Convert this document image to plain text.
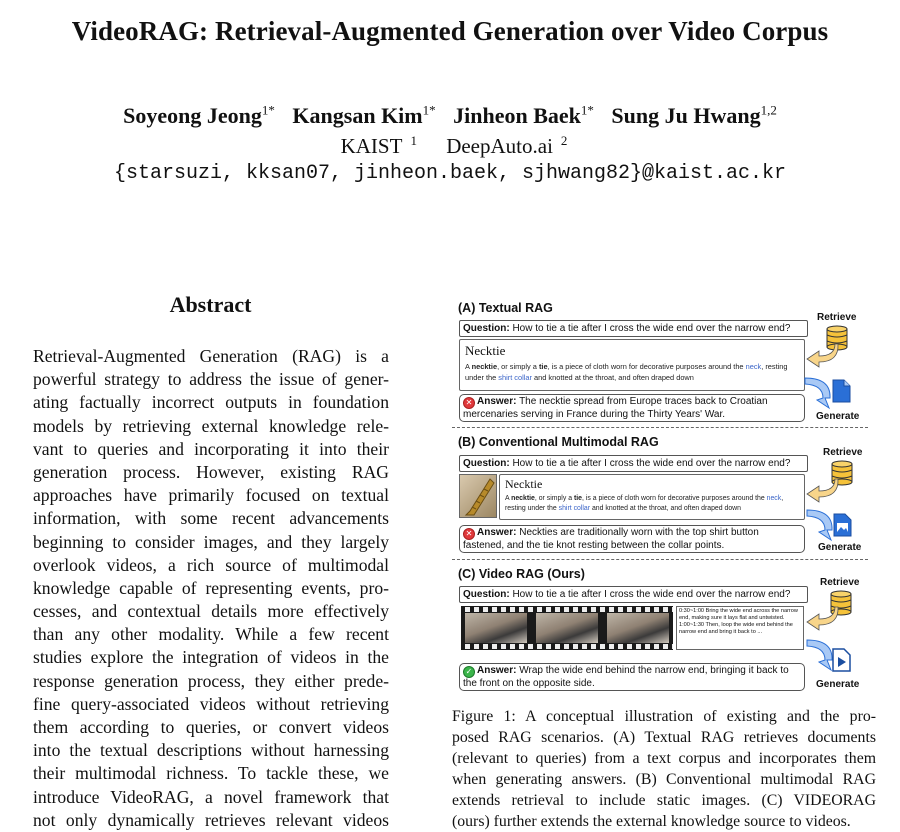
VideoRAG: Retrieval-Augmented Generation over Video Corpus
Soyeong Jeong$^{1*}$ Kangsan Kim$^{1*}$ Jinheon Baek$^{1*}$ Sung Ju Hwang$^{1,2}$
KAIST $^1$ DeepAuto.ai $^2$
{starsuzi, kksan07, jinheon.baek, sjhwang82}@kaist.ac.kr
Abstract
Retrieval-Augmented Generation (RAG) is a
powerful strategy to address the issue of gener-
ating factually incorrect outputs in foundation
models by retrieving external knowledge rele-
vant to queries and incorporating it into their
generation process. However, existing RAG
approaches have primarily focused on textual
information, with some recent advancements
beginning to consider images, and they largely
overlook videos, a rich source of multimodal
knowledge capable of representing events, pro-
cesses, and contextual details more effectively
than any other modality. While a few recent
studies explore the integration of videos in the
response generation process, they either prede-
fine query-associated videos without retrieving
them according to queries, or convert videos
into the textual descriptions without harnessing
their multimodal richness. To tackle these, we
introduce VideoRAG, a novel framework that
not only dynamically retrieves relevant videos
(A) Textual RAG
Retrieve
Question: How to tie a tie after I cross the wide end over the narrow end?
Necktie
A necktie, or simply a tie, is a piece of cloth worn for decorative purposes around the neck, resting under the shirt collar and knotted at the throat, and often draped down
Generate
✕ Answer: The necktie spread from Europe traces back to Croatian mercenaries serving in France during the Thirty Years' War.
(B) Conventional Multimodal RAG
Retrieve
Question: How to tie a tie after I cross the wide end over the narrow end?
Necktie
A necktie, or simply a tie, is a piece of cloth worn for decorative purposes around the neck, resting under the shirt collar and knotted at the throat, and often draped down
Generate
✕ Answer: Neckties are traditionally worn with the top shirt button fastened, and the tie knot resting between the collar points.
(C) Video RAG (Ours)
Retrieve
Question: How to tie a tie after I cross the wide end over the narrow end?
0:30~1:00 Bring the wide end across the narrow end, making sure it lays flat and untwisted.
1:00~1:30 Then, loop the wide end behind the narrow end and bring it back to ...
Generate
✓ Answer: Wrap the wide end behind the narrow end, bringing it back to the front on the opposite side.
Figure 1: A conceptual illustration of existing and the pro-
posed RAG scenarios. (A) Textual RAG retrieves documents
(relevant to queries) from a text corpus and incorporates them
when generating answers. (B) Conventional multimodal RAG
extends retrieval to include static images. (C) VIDEORAG
(ours) further extends the external knowledge source to videos.
